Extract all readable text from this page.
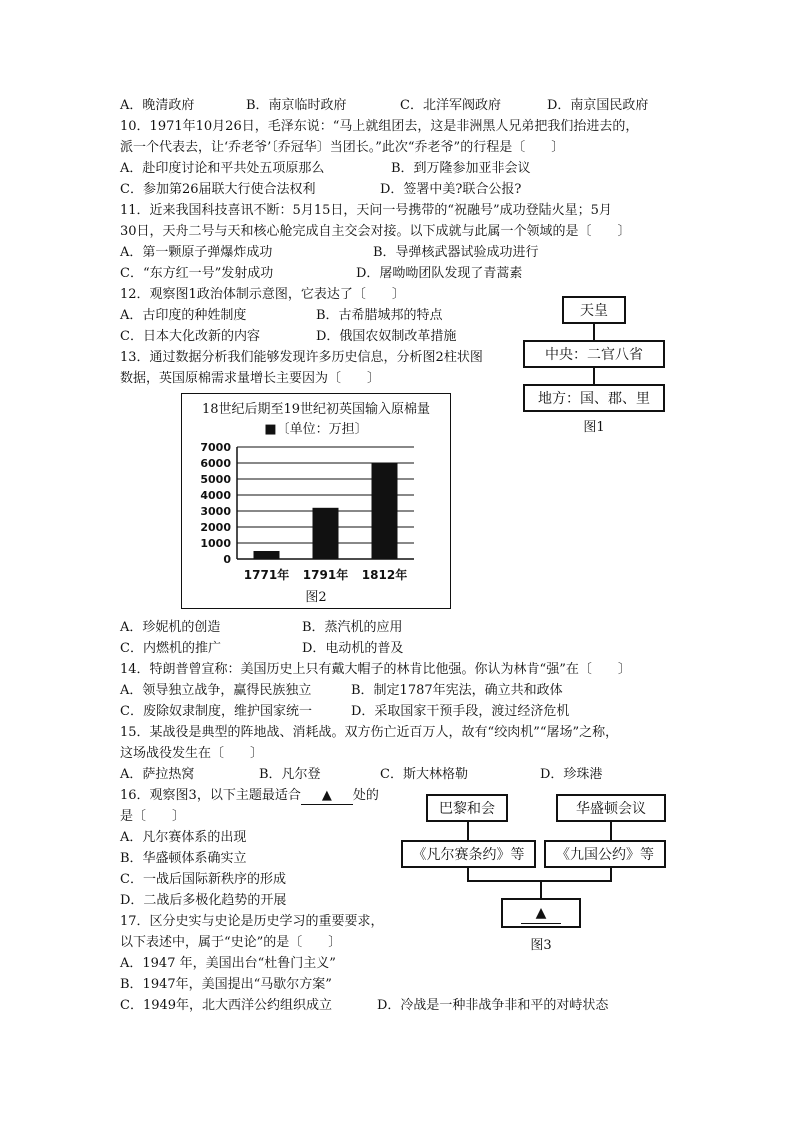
A．晚清政府	B．南京临时政府	C．北洋军阀政府	D．南京国民政府
10．1971年10月26日，毛泽东说：“马上就组团去，这是非洲黑人兄弟把我们抬进去的，
派一个代表去，让‘乔老爷’〔乔冠华〕当团长。”此次“乔老爷”的行程是〔　　〕
A．赴印度讨论和平共处五项原那么	B．到万隆参加亚非会议
C．参加第26届联大行使合法权利	D．签署中美?联合公报?
11．近来我国科技喜讯不断：5月15日，天问一号携带的“祝融号”成功登陆火星；5月
30日，天舟二号与天和核心舱完成自主交会对接。以下成就与此属一个领域的是〔　　〕
A．第一颗原子弹爆炸成功	B．导弹核武器试验成功进行
C．“东方红一号”发射成功	D．屠呦呦团队发现了青蒿素
12．观察图1政治体制示意图，它表达了〔　　〕
A．古印度的种姓制度	B．古希腊城邦的特点
C．日本大化改新的内容	D．俄国农奴制改革措施
天皇
中央：二官八省
地方：国、郡、里
图1
13．通过数据分析我们能够发现许多历史信息，分析图2柱状图
数据，英国原棉需求量增长主要因为〔　　〕
18世纪后期至19世纪初英国输入原棉量
■〔单位：万担〕
0
1000
2000
3000
4000
5000
6000
7000
1771年 1791年 1812年
图2
A．珍妮机的创造	B．蒸汽机的应用
C．内燃机的推广	D．电动机的普及
14．特朗普曾宣称：美国历史上只有戴大帽子的林肯比他强。你认为林肯“强”在〔　　〕
A．领导独立战争，赢得民族独立	B．制定1787年宪法，确立共和政体
C．废除奴隶制度，维护国家统一	D．采取国家干预手段，渡过经济危机
15．某战役是典型的阵地战、消耗战。双方伤亡近百万人，故有“绞肉机”“屠场”之称，
这场战役发生在〔　　〕
A．萨拉热窝	B．凡尔登	C．斯大林格勒	D．珍珠港
16．观察图3，以下主题最适合 ▲ 处的
是〔　　〕
A．凡尔赛体系的出现
B．华盛顿体系确实立
C．一战后国际新秩序的形成
D．二战后多极化趋势的开展
巴黎和会	华盛顿会议
《凡尔赛条约》等	《九国公约》等
▲
图3
17．区分史实与史论是历史学习的重要要求，
以下表述中，属于“史论”的是〔　　〕
A．1947 年，美国出台“杜鲁门主义”
B．1947年，美国提出“马歇尔方案”
C．1949年，北大西洋公约组织成立	D．冷战是一种非战争非和平的对峙状态
